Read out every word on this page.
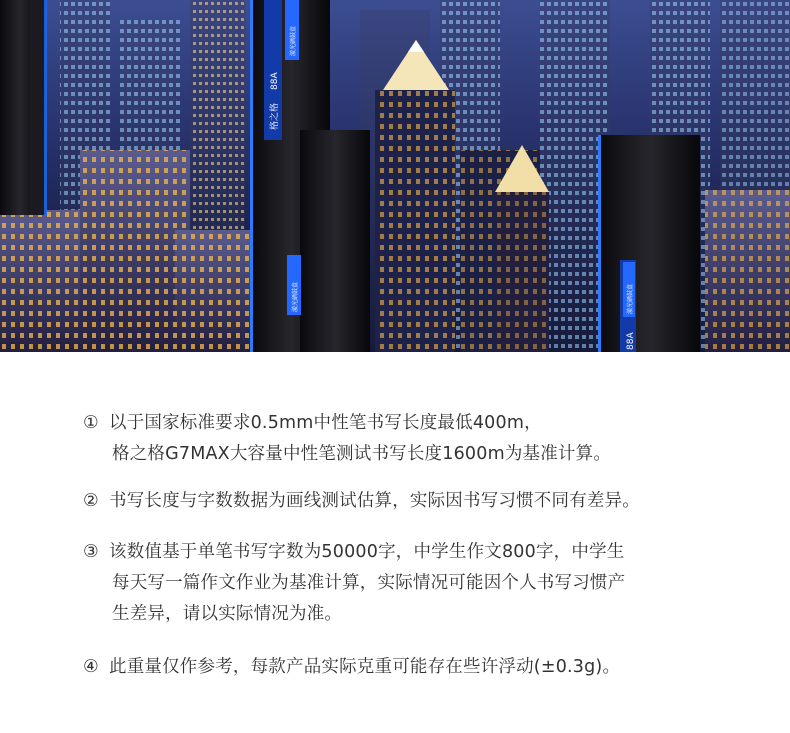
88A
格之格
激光硒鼓盒
激光硒鼓盒	激光硒鼓盒
88A
① 以于国家标准要求0.5mm中性笔书写长度最低400m，
格之格G7MAX大容量中性笔测试书写长度1600m为基准计算。
② 书写长度与字数数据为画线测试估算，实际因书写习惯不同有差异。
③ 该数值基于单笔书写字数为50000字，中学生作文800字，中学生
每天写一篇作文作业为基准计算，实际情况可能因个人书写习惯产
生差异，请以实际情况为准。
④ 此重量仅作参考，每款产品实际克重可能存在些许浮动(±0.3g)。
